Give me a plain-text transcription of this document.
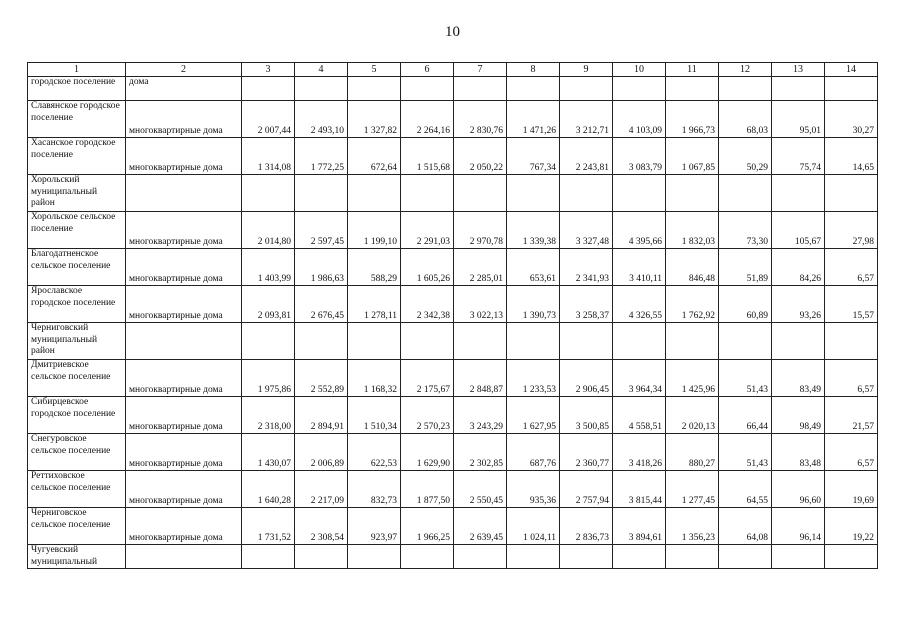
10
1	2	3	4	5	6	7	8	9	10	11	12	13	14
городское поселение	дома												
Славянское городское поселение	многоквартирные дома	2 007,44	2 493,10	1 327,82	2 264,16	2 830,76	1 471,26	3 212,71	4 103,09	1 966,73	68,03	95,01	30,27
Хасанское городское поселение	многоквартирные дома	1 314,08	1 772,25	672,64	1 515,68	2 050,22	767,34	2 243,81	3 083,79	1 067,85	50,29	75,74	14,65
Хорольский муниципальный район													
Хорольское сельское поселение	многоквартирные дома	2 014,80	2 597,45	1 199,10	2 291,03	2 970,78	1 339,38	3 327,48	4 395,66	1 832,03	73,30	105,67	27,98
Благодатненское сельское поселение	многоквартирные дома	1 403,99	1 986,63	588,29	1 605,26	2 285,01	653,61	2 341,93	3 410,11	846,48	51,89	84,26	6,57
Ярославское городское поселение	многоквартирные дома	2 093,81	2 676,45	1 278,11	2 342,38	3 022,13	1 390,73	3 258,37	4 326,55	1 762,92	60,89	93,26	15,57
Черниговский муниципальный район													
Дмитриевское сельское поселение	многоквартирные дома	1 975,86	2 552,89	1 168,32	2 175,67	2 848,87	1 233,53	2 906,45	3 964,34	1 425,96	51,43	83,49	6,57
Сибирцевское городское поселение	многоквартирные дома	2 318,00	2 894,91	1 510,34	2 570,23	3 243,29	1 627,95	3 500,85	4 558,51	2 020,13	66,44	98,49	21,57
Снегуровское сельское поселение	многоквартирные дома	1 430,07	2 006,89	622,53	1 629,90	2 302,85	687,76	2 360,77	3 418,26	880,27	51,43	83,48	6,57
Реттиховское сельское поселение	многоквартирные дома	1 640,28	2 217,09	832,73	1 877,50	2 550,45	935,36	2 757,94	3 815,44	1 277,45	64,55	96,60	19,69
Черниговское сельское поселение	многоквартирные дома	1 731,52	2 308,54	923,97	1 966,25	2 639,45	1 024,11	2 836,73	3 894,61	1 356,23	64,08	96,14	19,22
Чугуевский муниципальный													
